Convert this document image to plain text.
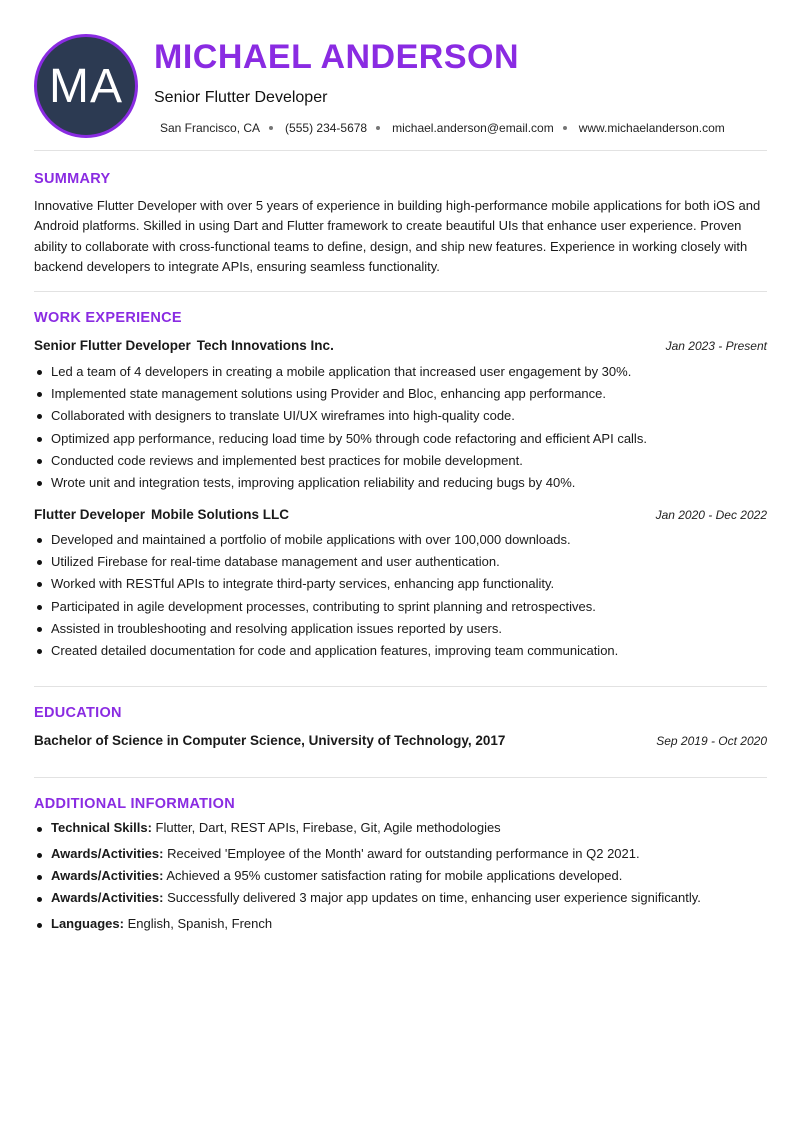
MA
MICHAEL ANDERSON
Senior Flutter Developer
San Francisco, CA (555) 234-5678 michael.anderson@email.com www.michaelanderson.com
SUMMARY

Innovative Flutter Developer with over 5 years of experience in building high-performance mobile applications for both iOS and Android platforms. Skilled in using Dart and Flutter framework to create beautiful UIs that enhance user experience. Proven ability to collaborate with cross-functional teams to define, design, and ship new features. Experience in working closely with backend developers to integrate APIs, ensuring seamless functionality.

WORK EXPERIENCE
Senior Flutter Developer Tech Innovations Inc.	Jan 2023 - Present
Led a team of 4 developers in creating a mobile application that increased user engagement by 30%.
Implemented state management solutions using Provider and Bloc, enhancing app performance.
Collaborated with designers to translate UI/UX wireframes into high-quality code.
Optimized app performance, reducing load time by 50% through code refactoring and efficient API calls.
Conducted code reviews and implemented best practices for mobile development.
Wrote unit and integration tests, improving application reliability and reducing bugs by 40%.
Flutter Developer Mobile Solutions LLC	Jan 2020 - Dec 2022
Developed and maintained a portfolio of mobile applications with over 100,000 downloads.
Utilized Firebase for real-time database management and user authentication.
Worked with RESTful APIs to integrate third-party services, enhancing app functionality.
Participated in agile development processes, contributing to sprint planning and retrospectives.
Assisted in troubleshooting and resolving application issues reported by users.
Created detailed documentation for code and application features, improving team communication.
EDUCATION
Bachelor of Science in Computer Science, University of Technology, 2017	Sep 2019 - Oct 2020
ADDITIONAL INFORMATION
Technical Skills: Flutter, Dart, REST APIs, Firebase, Git, Agile methodologies
Awards/Activities: Received 'Employee of the Month' award for outstanding performance in Q2 2021.
Awards/Activities: Achieved a 95% customer satisfaction rating for mobile applications developed.
Awards/Activities: Successfully delivered 3 major app updates on time, enhancing user experience significantly.
Languages: English, Spanish, French
